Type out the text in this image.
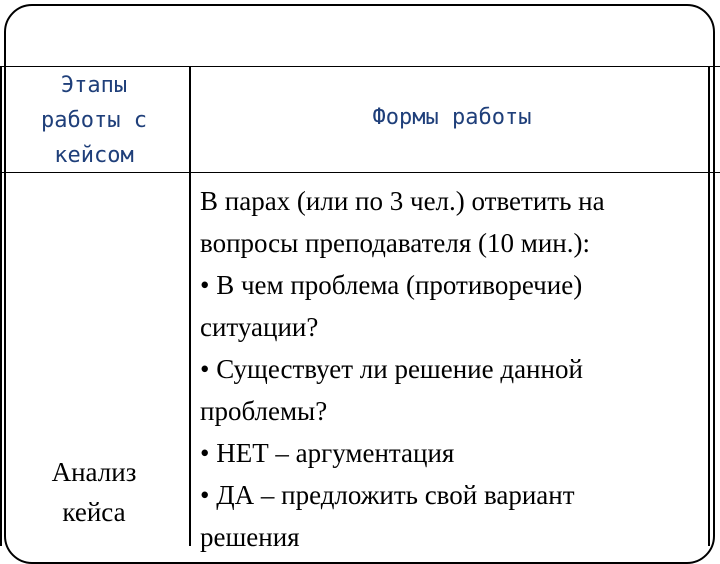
Этапы
работы с
кейсом
Формы работы

В парах (или по 3 чел.) ответить на

вопросы преподавателя (10 мин.):

• В чем проблема (противоречие)

ситуации?

• Существует ли решение данной

проблемы?

• НЕТ – аргументация

• ДА – предложить свой вариант

решения

Анализ
кейса
